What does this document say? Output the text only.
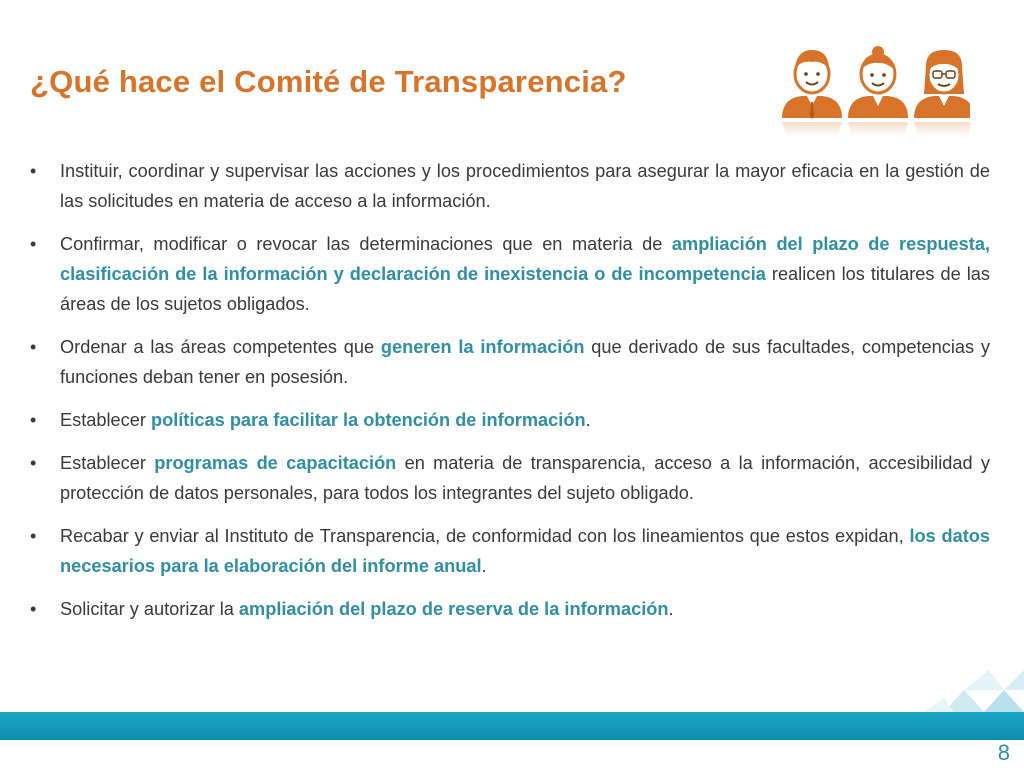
¿Qué hace el Comité de Transparencia?
• Instituir, coordinar y supervisar las acciones y los procedimientos para asegurar la mayor eficacia en la gestión de las solicitudes en materia de acceso a la información.
• Confirmar, modificar o revocar las determinaciones que en materia de ampliación del plazo de respuesta, clasificación de la información y declaración de inexistencia o de incompetencia realicen los titulares de las áreas de los sujetos obligados.
• Ordenar a las áreas competentes que generen la información que derivado de sus facultades, competencias y funciones deban tener en posesión.
• Establecer políticas para facilitar la obtención de información.
• Establecer programas de capacitación en materia de transparencia, acceso a la información, accesibilidad y protección de datos personales, para todos los integrantes del sujeto obligado.
• Recabar y enviar al Instituto de Transparencia, de conformidad con los lineamientos que estos expidan, los datos necesarios para la elaboración del informe anual.
• Solicitar y autorizar la ampliación del plazo de reserva de la información.
8
